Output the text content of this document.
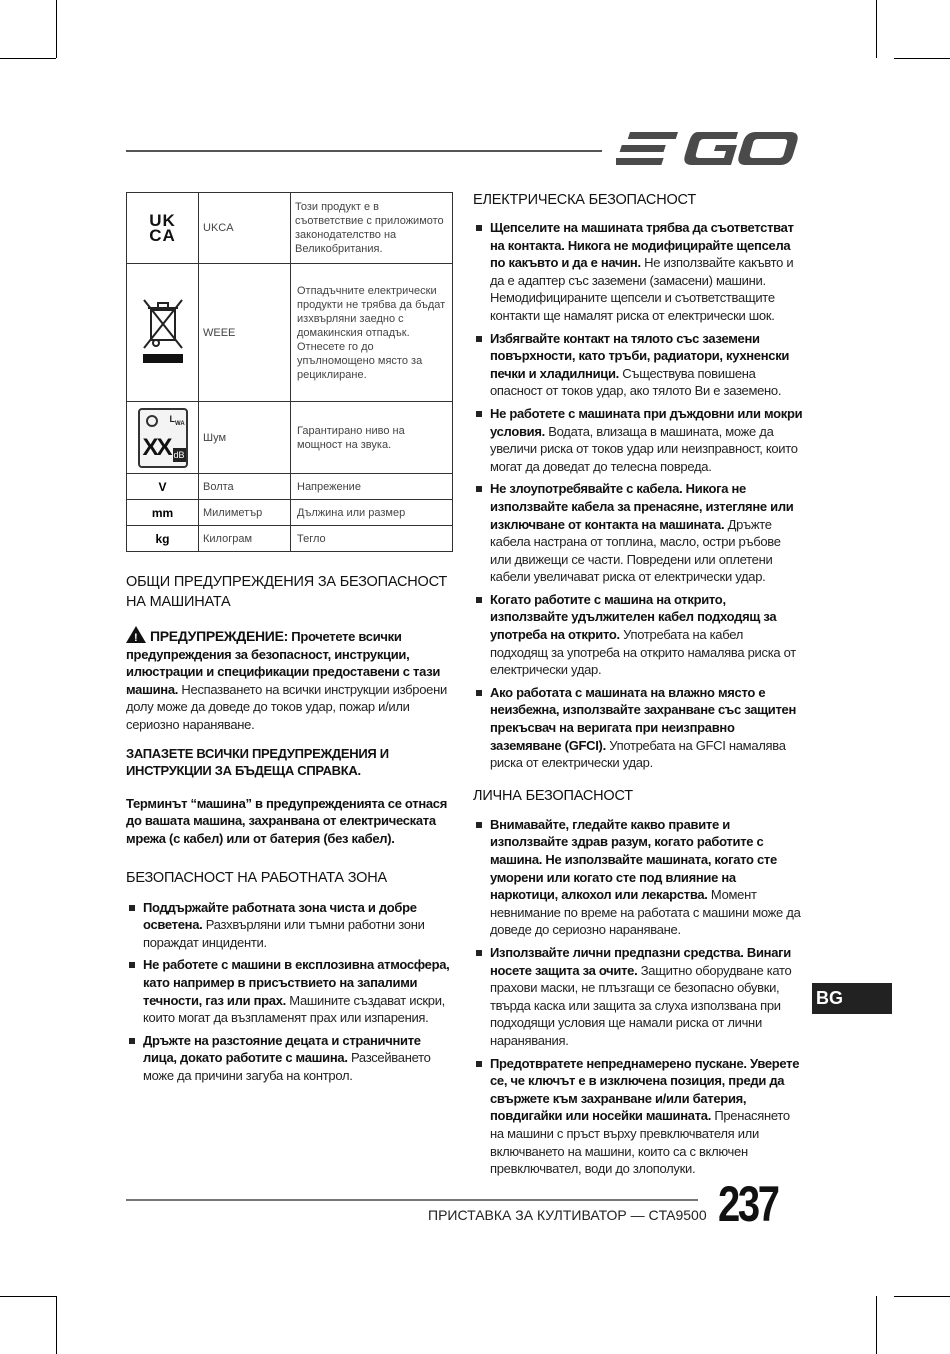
EGO
UK
CA	UKCA	Този продукт е в съответствие с приложимото законодателство на Великобритания.
	WEEE	Отпадъчните електрически продукти не трябва да бъдат изхвърляни заедно с домакинския отпадък. Отнесете го до упълномощено място за рециклиране.

$L_{WA}$
XX dB	Шум	Гарантирано ниво на мощност на звука.
V	Волта	Напрежение
mm	Милиметър	Дължина или размер
kg	Килограм	Тегло
ОБЩИ ПРЕДУПРЕЖДЕНИЯ ЗА БЕЗОПАСНОСТ НА МАШИНАТА
! ПРЕДУПРЕЖДЕНИЕ: Прочетете всички предупреждения за безопасност, инструкции, илюстрации и спецификации предоставени с тази машина. Неспазването на всички инструкции изброени долу може да доведе до токов удар, пожар и/или сериозно нараняване.
ЗАПАЗЕТЕ ВСИЧКИ ПРЕДУПРЕЖДЕНИЯ И ИНСТРУКЦИИ ЗА БЪДЕЩА СПРАВКА.
Терминът “машина” в предупрежденията се отнася до вашата машина, захранвана от електрическата мрежа (с кабел) или от батерия (без кабел).
БЕЗОПАСНОСТ НА РАБОТНАТА ЗОНА
Поддържайте работната зона чиста и добре осветена. Разхвърляни или тъмни работни зони пораждат инциденти.
Не работете с машини в експлозивна атмосфера, като например в присъствието на запалими течности, газ или прах. Машините създават искри, които могат да възпламенят прах или изпарения.
Дръжте на разстояние децата и страничните лица, докато работите с машина. Разсейването може да причини загуба на контрол.
ЕЛЕКТРИЧЕСКА БЕЗОПАСНОСТ
Щепселите на машината трябва да съответстват на контакта. Никога не модифицирайте щепсела по какъвто и да е начин. Не използвайте какъвто и да е адаптер със заземени (замасени) машини. Немодифицираните щепсели и съответстващите контакти ще намалят риска от електрически шок.
Избягвайте контакт на тялото със заземени повърхности, като тръби, радиатори, кухненски печки и хладилници. Съществува повишена опасност от токов удар, ако тялото Ви е заземено.
Не работете с машината при дъждовни или мокри условия. Водата, влизаща в машината, може да увеличи риска от токов удар или неизправност, които могат да доведат до телесна повреда.
Не злоупотребявайте с кабела. Никога не използвайте кабела за пренасяне, изтегляне или изключване от контакта на машината. Дръжте кабела настрана от топлина, масло, остри ръбове или движещи се части. Повредени или оплетени кабели увеличават риска от електрически удар.
Когато работите с машина на открито, използвайте удължителен кабел подходящ за употреба на открито. Употребата на кабел подходящ за употреба на открито намалява риска от електрически удар.
Ако работата с машината на влажно място е неизбежна, използвайте захранване със защитен прекъсвач на веригата при неизправно заземяване (GFCI). Употребата на GFCI намалява риска от електрически удар.
ЛИЧНА БЕЗОПАСНОСТ
Внимавайте, гледайте какво правите и използвайте здрав разум, когато работите с машина. Не използвайте машината, когато сте уморени или когато сте под влияние на наркотици, алкохол или лекарства. Момент невнимание по време на работата с машини може да доведе до сериозно нараняване.
Използвайте лични предпазни средства. Винаги носете защита за очите. Защитно оборудване като прахови маски, не плъзгащи се безопасно обувки, твърда каска или защита за слуха използвана при подходящи условия ще намали риска от лични наранявания.
Предотвратете непреднамерено пускане. Уверете се, че ключът е в изключена позиция, преди да свържете към захранване и/или батерия, повдигайки или носейки машината. Пренасянето на машини с пръст върху превключвателя или включването на машини, които са с включен превключвател, води до злополуки.
BG
ПРИСТАВКА ЗА КУЛТИВАТОР — CTA9500 237
